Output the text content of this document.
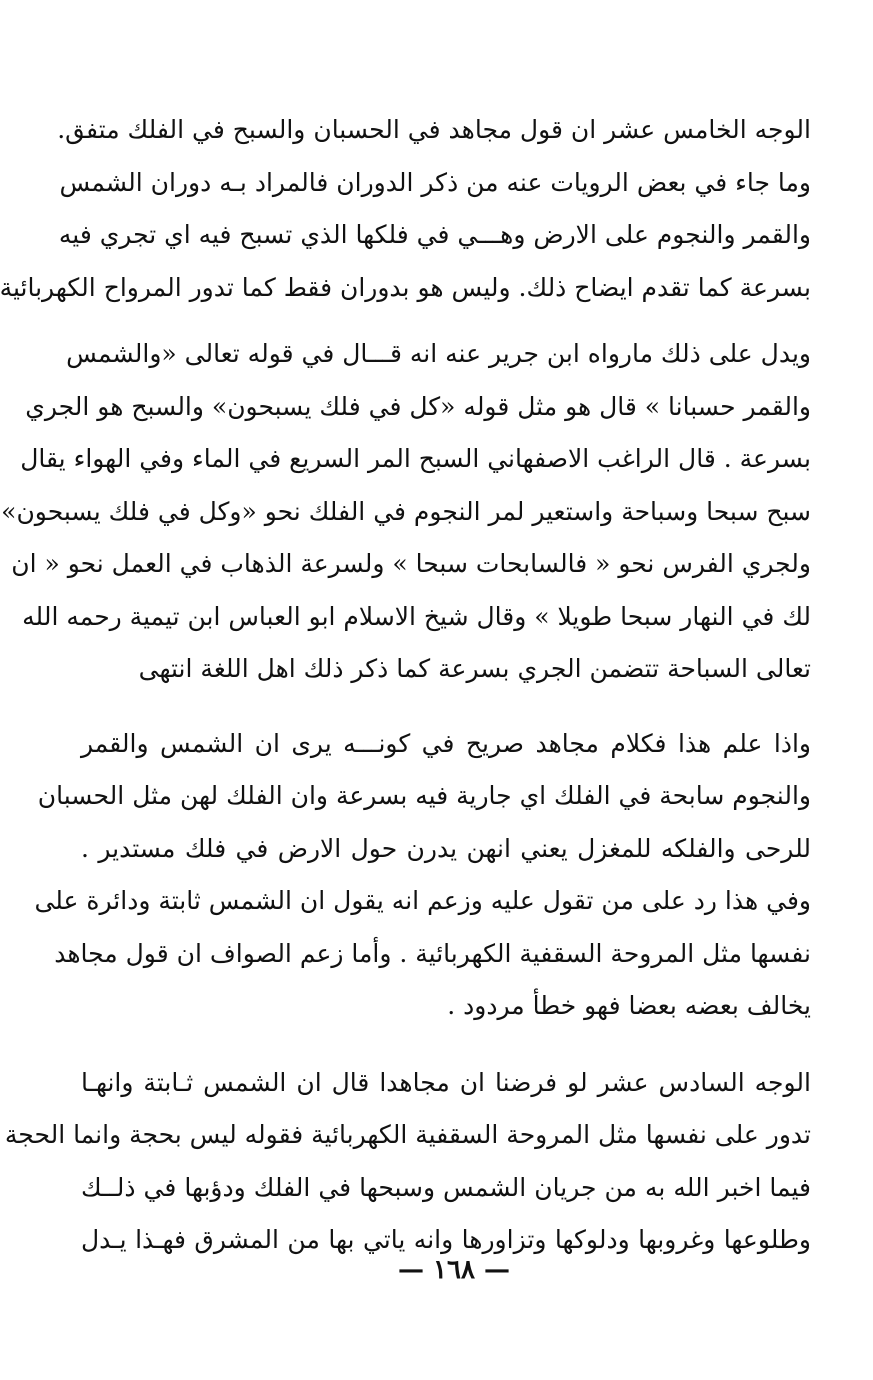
الوجه الخامس عشر ان قول مجاهد في الحسبان والسبح في الفلك متفق.
وما جاء في بعض الرويات عنه من ذكر الدوران فالمراد بـه دوران الشمس
والقمر والنجوم على الارض وهـــي في فلكها الذي تسبح فيه اي تجري فيه
بسرعة كما تقدم ايضاح ذلك. وليس هو بدوران فقط كما تدور المرواح الكهربائية
ويدل على ذلك مارواه ابن جرير عنه انه قـــال في قوله تعالى «والشمس
والقمر حسبانا » قال هو مثل قوله «كل في فلك يسبحون» والسبح هو الجري
بسرعة . قال الراغب الاصفهاني السبح المر السريع في الماء وفي الهواء يقال
سبح سبحا وسباحة واستعير لمر النجوم في الفلك نحو «وكل في فلك يسبحون»
ولجري الفرس نحو « فالسابحات سبحا » ولسرعة الذهاب في العمل نحو « ان
لك في النهار سبحا طويلا » وقال شيخ الاسلام ابو العباس ابن تيمية رحمه الله
تعالى السباحة تتضمن الجري بسرعة كما ذكر ذلك اهل اللغة انتهى
واذا علم هذا فكلام مجاهد صريح في كونـــه يرى ان الشمس والقمر
والنجوم سابحة في الفلك اي جارية فيه بسرعة وان الفلك لهن مثل الحسبان
للرحى والفلكه للمغزل يعني انهن يدرن حول الارض في فلك مستدير .
وفي هذا رد على من تقول عليه وزعم انه يقول ان الشمس ثابتة ودائرة على
نفسها مثل المروحة السقفية الكهربائية . وأما زعم الصواف ان قول مجاهد
يخالف بعضه بعضا فهو خطأ مردود .
الوجه السادس عشر لو فرضنا ان مجاهدا قال ان الشمس ثـابتة وانهـا
تدور على نفسها مثل المروحة السقفية الكهربائية فقوله ليس بحجة وانما الحجة
فيما اخبر الله به من جريان الشمس وسبحها في الفلك ودؤبها في ذلــك
وطلوعها وغروبها ودلوكها وتزاورها وانه ياتي بها من المشرق فهـذا يـدل
— ١٦٨ —
